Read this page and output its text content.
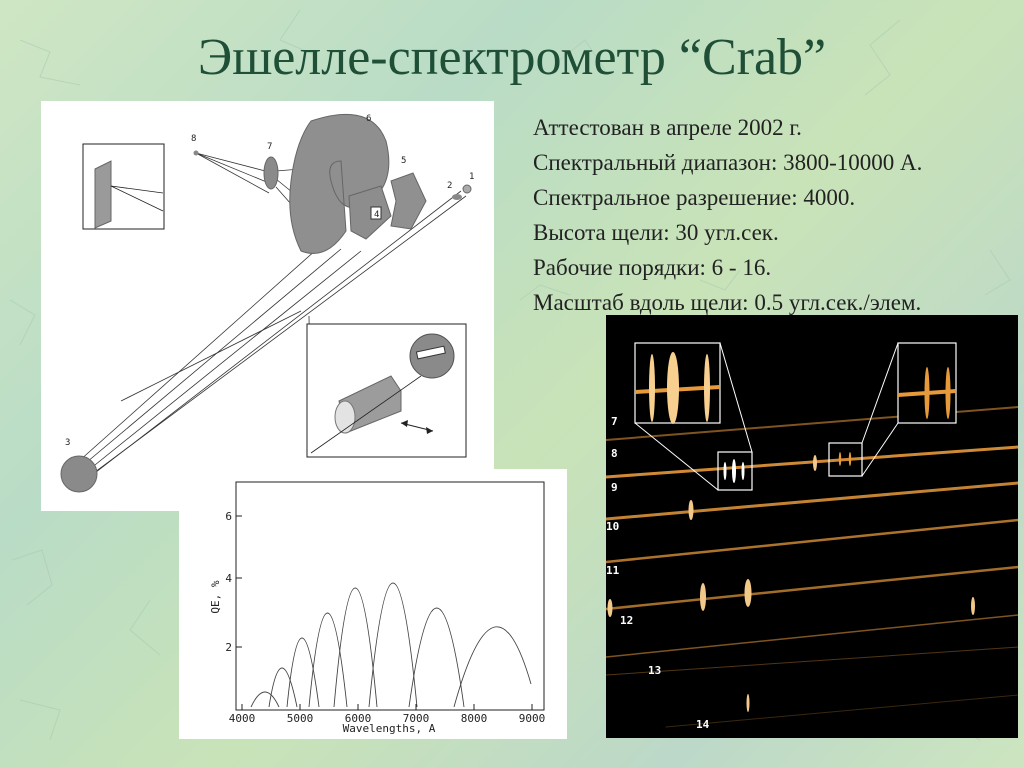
Эшелле-спектрометр “Crab”
Аттестован в апреле 2002 г.
Спектральный диапазон: 3800-10000 А.
Спектральное разрешение: 4000.
Высота щели: 30 угл.сек.
Рабочие порядки: 6 - 16.
Масштаб вдоль щели: 0.5 угл.сек./элем.
1
2
3
4
5
6
7
8
4000	5000	6000	7000	8000	9000
2
4
6
Wavelengths, A
QE, %
7
8
9
10
11
12
13
14
